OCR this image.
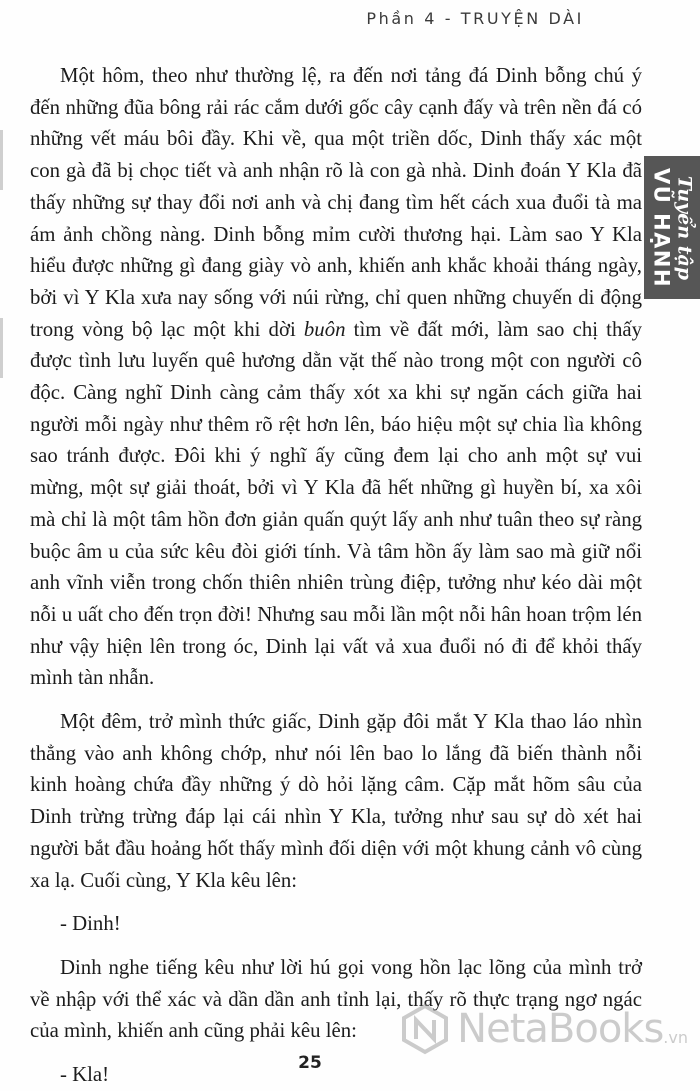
Phần 4 - TRUYỆN DÀI
Tuyển tập
VŨ HẠNH

Một hôm, theo như thường lệ, ra đến nơi tảng đá Dinh bỗng chú ý đến những đũa bông rải rác cắm dưới gốc cây cạnh đấy và trên nền đá có những vết máu bôi đầy. Khi về, qua một triền dốc, Dinh thấy xác một con gà đã bị chọc tiết và anh nhận rõ là con gà nhà. Dinh đoán Y Kla đã thấy những sự thay đổi nơi anh và chị đang tìm hết cách xua đuổi tà ma ám ảnh chồng nàng. Dinh bỗng mỉm cười thương hại. Làm sao Y Kla hiểu được những gì đang giày vò anh, khiến anh khắc khoải tháng ngày, bởi vì Y Kla xưa nay sống với núi rừng, chỉ quen những chuyến di động trong vòng bộ lạc một khi dời buôn tìm về đất mới, làm sao chị thấy được tình lưu luyến quê hương dằn vặt thế nào trong một con người cô độc. Càng nghĩ Dinh càng cảm thấy xót xa khi sự ngăn cách giữa hai người mỗi ngày như thêm rõ rệt hơn lên, báo hiệu một sự chia lìa không sao tránh được. Đôi khi ý nghĩ ấy cũng đem lại cho anh một sự vui mừng, một sự giải thoát, bởi vì Y Kla đã hết những gì huyền bí, xa xôi mà chỉ là một tâm hồn đơn giản quấn quýt lấy anh như tuân theo sự ràng buộc âm u của sức kêu đòi giới tính. Và tâm hồn ấy làm sao mà giữ nổi anh vĩnh viễn trong chốn thiên nhiên trùng điệp, tưởng như kéo dài một nỗi u uất cho đến trọn đời! Nhưng sau mỗi lần một nỗi hân hoan trộm lén như vậy hiện lên trong óc, Dinh lại vất vả xua đuổi nó đi để khỏi thấy mình tàn nhẫn.

Một đêm, trở mình thức giấc, Dinh gặp đôi mắt Y Kla thao láo nhìn thẳng vào anh không chớp, như nói lên bao lo lắng đã biến thành nỗi kinh hoàng chứa đầy những ý dò hỏi lặng câm. Cặp mắt hõm sâu của Dinh trừng trừng đáp lại cái nhìn Y Kla, tưởng như sau sự dò xét hai người bắt đầu hoảng hốt thấy mình đối diện với một khung cảnh vô cùng xa lạ. Cuối cùng, Y Kla kêu lên:

- Dinh!

Dinh nghe tiếng kêu như lời hú gọi vong hồn lạc lõng của mình trở về nhập với thể xác và dần dần anh tỉnh lại, thấy rõ thực trạng ngơ ngác của mình, khiến anh cũng phải kêu lên:

- Kla!

25
NetaBooks .vn
